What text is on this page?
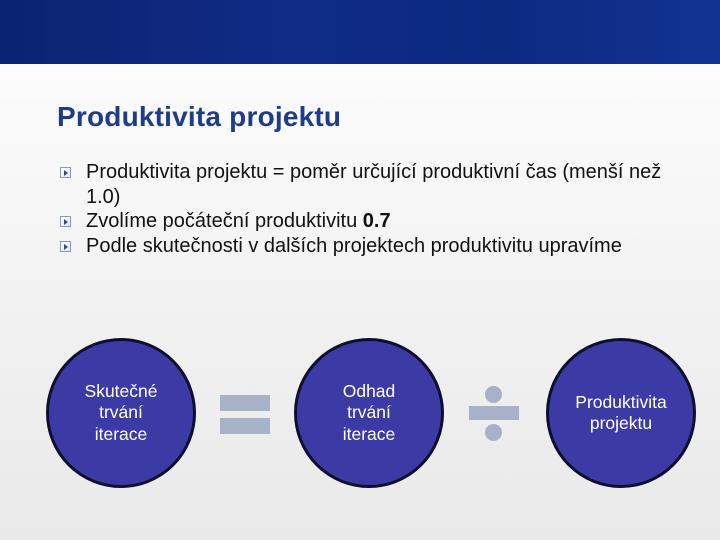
Produktivita projektu
Produktivita projektu = poměr určující produktivní čas (menší než 1.0)
Zvolíme počáteční produktivitu 0.7
Podle skutečnosti v dalších projektech produktivitu upravíme
Skutečné
trvání
iterace
Odhad
trvání
iterace
Produktivita
projektu
